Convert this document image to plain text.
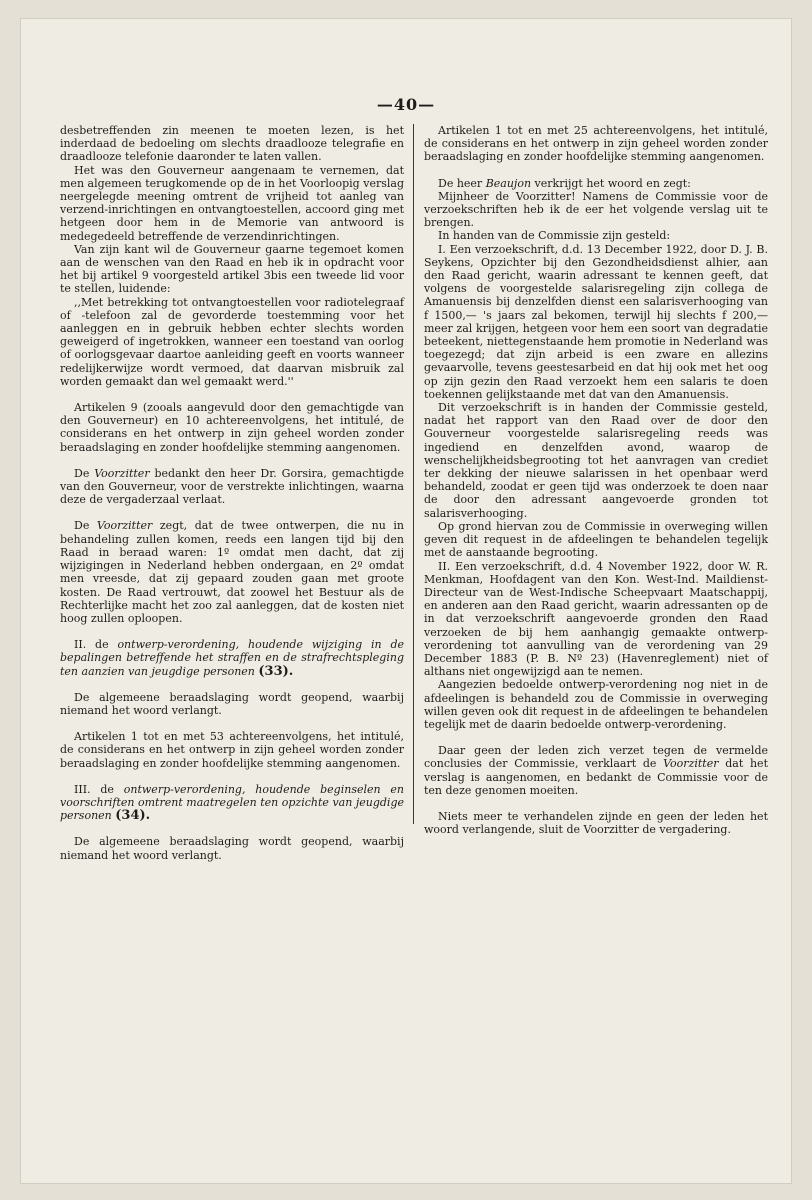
—40—

desbetreffenden zin meenen te moeten lezen, is het inderdaad de bedoeling om slechts draadlooze telegrafie en draadlooze telefonie daaronder te laten vallen.

Het was den Gouverneur aangenaam te vernemen, dat men algemeen terugkomende op de in het Voorloopig verslag neergelegde meening omtrent de vrijheid tot aanleg van verzend-inrichtingen en ontvangtoestellen, accoord ging met hetgeen door hem in de Memorie van antwoord is medegedeeld betreffende de verzendinrichtingen.

Van zijn kant wil de Gouverneur gaarne tegemoet komen aan de wenschen van den Raad en heb ik in opdracht voor het bij artikel 9 voorgesteld artikel 3bis een tweede lid voor te stellen, luidende:

,,Met betrekking tot ontvangtoestellen voor radiotelegraaf of -telefoon zal de gevorderde toestemming voor het aanleggen en in gebruik hebben echter slechts worden geweigerd of ingetrokken, wanneer een toestand van oorlog of oorlogsgevaar daartoe aanleiding geeft en voorts wanneer redelijkerwijze wordt vermoed, dat daarvan misbruik zal worden gemaakt dan wel gemaakt werd.''

Artikelen 9 (zooals aangevuld door den gemachtigde van den Gouverneur) en 10 achtereenvolgens, het intitulé, de considerans en het ontwerp in zijn geheel worden zonder beraadslaging en zonder hoofdelijke stemming aangenomen.

De Voorzitter bedankt den heer Dr. Gorsira, gemachtigde van den Gouverneur, voor de verstrekte inlichtingen, waarna deze de vergaderzaal verlaat.

De Voorzitter zegt, dat de twee ontwerpen, die nu in behandeling zullen komen, reeds een langen tijd bij den Raad in beraad waren: 1º omdat men dacht, dat zij wijzigingen in Nederland hebben ondergaan, en 2º omdat men vreesde, dat zij gepaard zouden gaan met groote kosten. De Raad vertrouwt, dat zoowel het Bestuur als de Rechterlijke macht het zoo zal aanleggen, dat de kosten niet hoog zullen oploopen.

II. de ontwerp-verordening, houdende wijziging in de bepalingen betreffende het straffen en de strafrechtspleging ten aanzien van jeugdige personen (33).

De algemeene beraadslaging wordt geopend, waarbij niemand het woord verlangt.

Artikelen 1 tot en met 53 achtereenvolgens, het intitulé, de considerans en het ontwerp in zijn geheel worden zonder beraadslaging en zonder hoofdelijke stemming aangenomen.

III. de ontwerp-verordening, houdende beginselen en voorschriften omtrent maatregelen ten opzichte van jeugdige personen (34).

De algemeene beraadslaging wordt geopend, waarbij niemand het woord verlangt.

Artikelen 1 tot en met 25 achtereenvolgens, het intitulé, de considerans en het ontwerp in zijn geheel worden zonder beraadslaging en zonder hoofdelijke stemming aangenomen.

De heer Beaujon verkrijgt het woord en zegt:

Mijnheer de Voorzitter! Namens de Commissie voor de verzoekschriften heb ik de eer het volgende verslag uit te brengen.

In handen van de Commissie zijn gesteld:

I. Een verzoekschrift, d.d. 13 December 1922, door D. J. B. Seykens, Opzichter bij den Gezondheidsdienst alhier, aan den Raad gericht, waarin adressant te kennen geeft, dat volgens de voorgestelde salarisregeling zijn collega de Amanuensis bij denzelfden dienst een salarisverhooging van f 1500,— 's jaars zal bekomen, terwijl hij slechts f 200,— meer zal krijgen, hetgeen voor hem een soort van degradatie beteekent, niettegenstaande hem promotie in Nederland was toegezegd; dat zijn arbeid is een zware en allezins gevaarvolle, tevens geestesarbeid en dat hij ook met het oog op zijn gezin den Raad verzoekt hem een salaris te doen toekennen gelijkstaande met dat van den Amanuensis.

Dit verzoekschrift is in handen der Commissie gesteld, nadat het rapport van den Raad over de door den Gouverneur voorgestelde salarisregeling reeds was ingediend en denzelfden avond, waarop de wenschelijkheidsbegrooting tot het aanvragen van crediet ter dekking der nieuwe salarissen in het openbaar werd behandeld, zoodat er geen tijd was onderzoek te doen naar de door den adressant aangevoerde gronden tot salarisverhooging.

Op grond hiervan zou de Commissie in overweging willen geven dit request in de afdeelingen te behandelen tegelijk met de aanstaande begrooting.

II. Een verzoekschrift, d.d. 4 November 1922, door W. R. Menkman, Hoofdagent van den Kon. West-Ind. Maildienst-Directeur van de West-Indische Scheepvaart Maatschappij, en anderen aan den Raad gericht, waarin adressanten op de in dat verzoekschrift aangevoerde gronden den Raad verzoeken de bij hem aanhangig gemaakte ontwerp-verordening tot aanvulling van de verordening van 29 December 1883 (P. B. Nº 23) (Havenreglement) niet of althans niet ongewijzigd aan te nemen.

Aangezien bedoelde ontwerp-verordening nog niet in de afdeelingen is behandeld zou de Commissie in overweging willen geven ook dit request in de afdeelingen te behandelen tegelijk met de daarin bedoelde ontwerp-verordening.

Daar geen der leden zich verzet tegen de vermelde conclusies der Commissie, verklaart de Voorzitter dat het verslag is aangenomen, en bedankt de Commissie voor de ten deze genomen moeiten.

Niets meer te verhandelen zijnde en geen der leden het woord verlangende, sluit de Voorzitter de vergadering.
